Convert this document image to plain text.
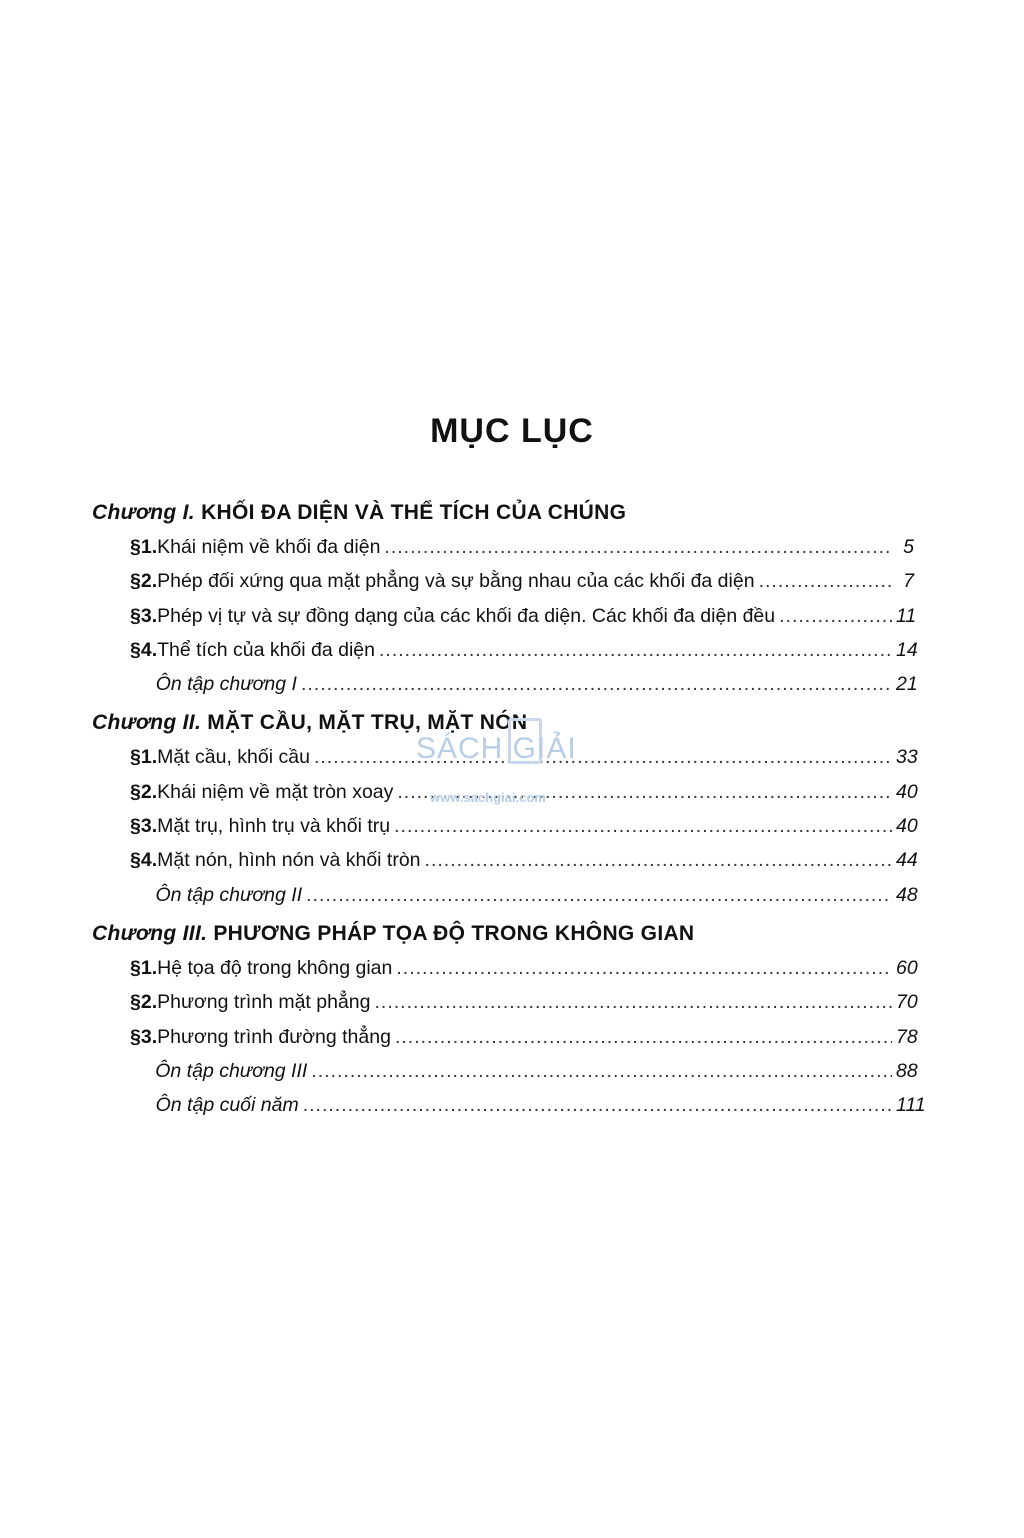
MỤC LỤC
Chương I. KHỐI ĐA DIỆN VÀ THỂ TÍCH CỦA CHÚNG
§1. Khái niệm về khối đa diện .....	5
§2. Phép đối xứng qua mặt phẳng và sự bằng nhau của các khối đa diện .....	7
§3. Phép vị tự và sự đồng dạng của các khối đa diện. Các khối đa diện đều .....	11
§4. Thể tích của khối đa diện .....	14
Ôn tập chương I .....	21
Chương II. MẶT CẦU, MẶT TRỤ, MẶT NÓN
§1. Mặt cầu, khối cầu .....	33
§2. Khái niệm về mặt tròn xoay .....	40
§3. Mặt trụ, hình trụ và khối trụ .....	40
§4. Mặt nón, hình nón và khối tròn .....	44
Ôn tập chương II .....	48
Chương III. PHƯƠNG PHÁP TỌA ĐỘ TRONG KHÔNG GIAN
§1. Hệ tọa độ trong không gian .....	60
§2. Phương trình mặt phẳng .....	70
§3. Phương trình đường thẳng .....	78
Ôn tập chương III .....	88
Ôn tập cuối năm .....	111
SÁCH GIẢI
www.sachgiai.com
